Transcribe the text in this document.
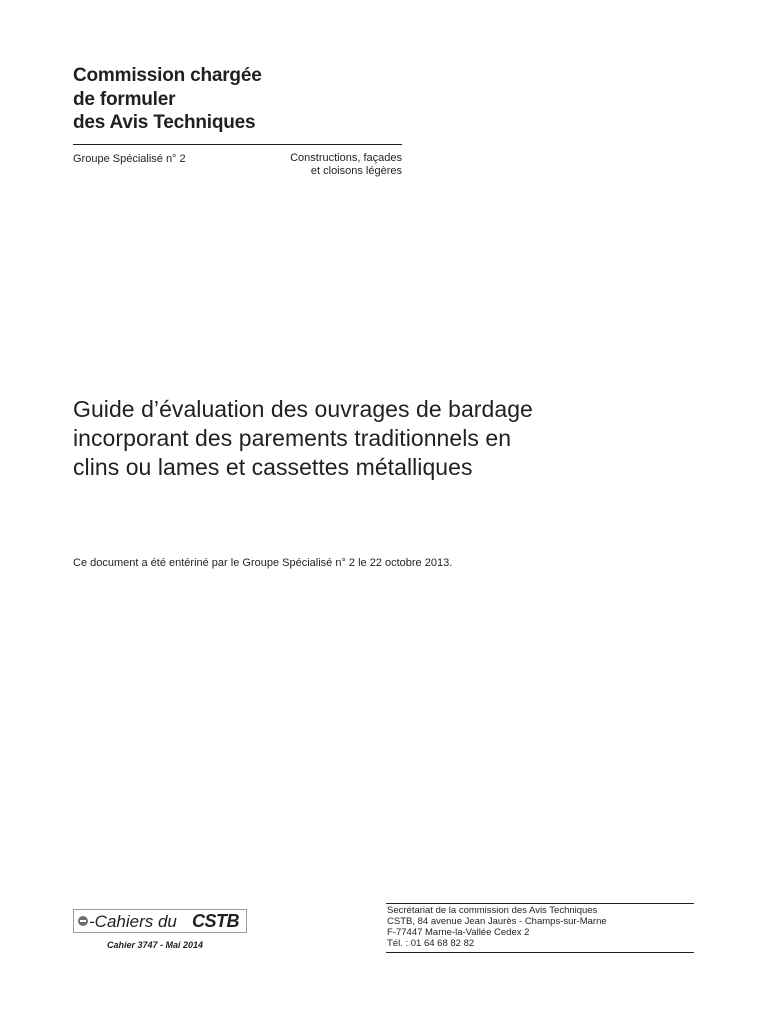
Commission chargée
de formuler
des Avis Techniques
Groupe Spécialisé n° 2	Constructions, façades
et cloisons légères
Guide d’évaluation des ouvrages de bardage
incorporant des parements traditionnels en
clins ou lames et cassettes métalliques
Ce document a été entériné par le Groupe Spécialisé n° 2 le 22 octobre 2013.
-Cahiers du CSTB
Cahier 3747 - Mai 2014
Secrétariat de la commission des Avis Techniques
CSTB, 84 avenue Jean Jaurès - Champs-sur-Marne
F-77447 Marne-la-Vallée Cedex 2
Tél. : 01 64 68 82 82
